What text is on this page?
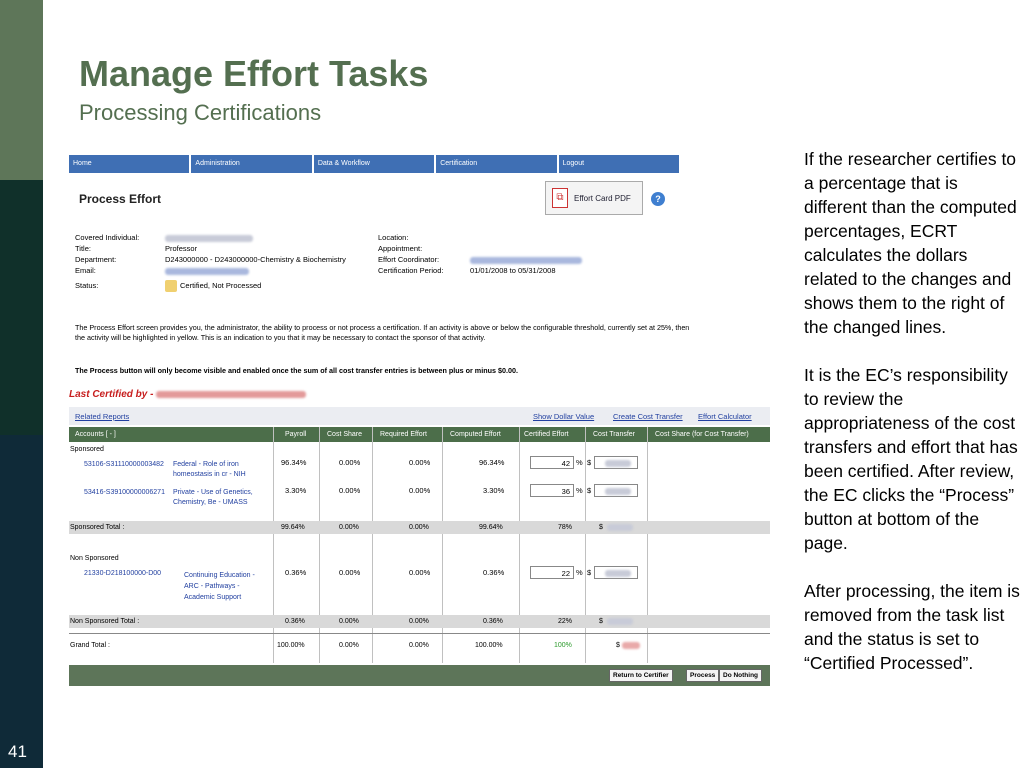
41
Manage Effort Tasks
Processing Certifications

If the researcher certifies to a percentage that is different than the computed percentages, ECRT calculates the dollars related to the changes and shows them to the right of the changed lines.

It is the EC’s responsibility to review the appropriateness of the cost transfers and effort that has been certified. After review, the EC clicks the “Process” button at bottom of the page.

After processing, the item is removed from the task list and the status is set to “Certified Processed”.

Home	Administration	Data & Workflow	Certification	Logout
Process Effort	⧉	Effort Card PDF	?
Covered Individual:
Title:	Professor
Department:	D243000000 - D243000000-Chemistry & Biochemistry
Email:
Status:	Certified, Not Processed
Location:
Appointment:
Effort Coordinator:
Certification Period:	01/01/2008 to 05/31/2008
The Process Effort screen provides you, the administrator, the ability to process or not process a certification. If an activity is above or below the configurable threshold, currently set at 25%, then the activity will be highlighted in yellow. This is an indication to you that it may be necessary to contact the sponsor of that activity.
The Process button will only become visible and enabled once the sum of all cost transfer entries is between plus or minus $0.00.
Last Certified by -
Related Reports	Show Dollar Value	Create Cost Transfer Effort Calculator
Accounts [ - ]	Payroll	Cost Share	Required Effort	Computed Effort	Certified Effort	Cost Transfer	Cost Share (for Cost Transfer)
Sponsored
53106-S31110000003482	Federal - Role of iron homeostasis in cr - NIH
96.34%	0.00%	0.00%	96.34%	42 % $
53416-S39100000006271	Private - Use of Genetics, Chemistry, Be - UMASS
3.30%	0.00%	0.00%	3.30%	36 % $
Sponsored Total :	99.64%	0.00%	0.00%	99.64%	78%	$
Non Sponsored
21330-D218100000-D00	Continuing Education - ARC - Pathways - Academic Support
0.36%	0.00%	0.00%	0.36%	22 % $
Non Sponsored Total :	0.36%	0.00%	0.00%	0.36%	22%	$
Grand Total :	100.00%	0.00%	0.00%	100.00%	100%	$
Return to Certifier	Process	Do Nothing
